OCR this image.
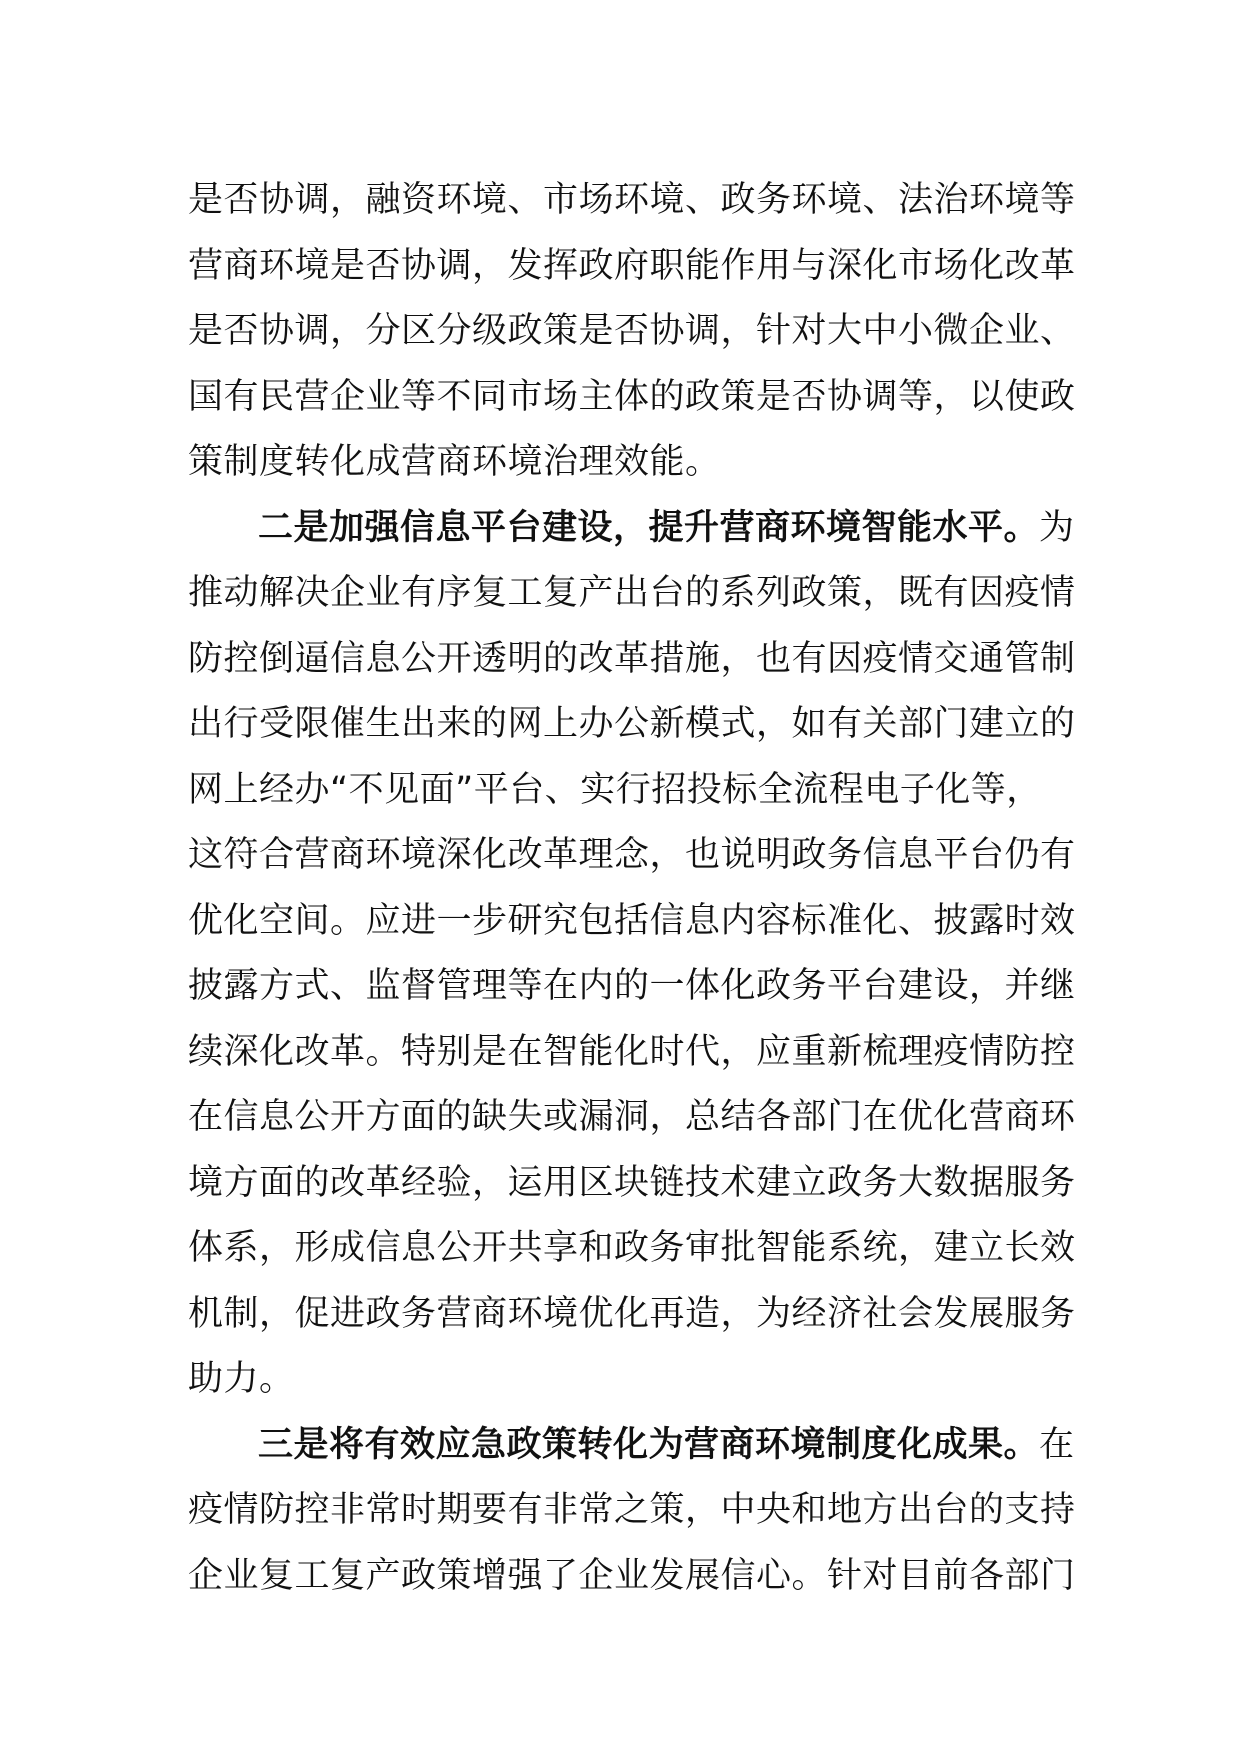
是否协调，融资环境、市场环境、政务环境、法治环境等
营商环境是否协调，发挥政府职能作用与深化市场化改革
是否协调，分区分级政策是否协调，针对大中小微企业、
国有民营企业等不同市场主体的政策是否协调等，以使政
策制度转化成营商环境治理效能。
二是加强信息平台建设，提升营商环境智能水平。为
推动解决企业有序复工复产出台的系列政策，既有因疫情
防控倒逼信息公开透明的改革措施，也有因疫情交通管制
出行受限催生出来的网上办公新模式，如有关部门建立的
网上经办“不见面”平台、实行招投标全流程电子化等，
这符合营商环境深化改革理念，也说明政务信息平台仍有
优化空间。应进一步研究包括信息内容标准化、披露时效
披露方式、监督管理等在内的一体化政务平台建设，并继
续深化改革。特别是在智能化时代，应重新梳理疫情防控
在信息公开方面的缺失或漏洞，总结各部门在优化营商环
境方面的改革经验，运用区块链技术建立政务大数据服务
体系，形成信息公开共享和政务审批智能系统，建立长效
机制，促进政务营商环境优化再造，为经济社会发展服务
助力。
三是将有效应急政策转化为营商环境制度化成果。在
疫情防控非常时期要有非常之策，中央和地方出台的支持
企业复工复产政策增强了企业发展信心。针对目前各部门
